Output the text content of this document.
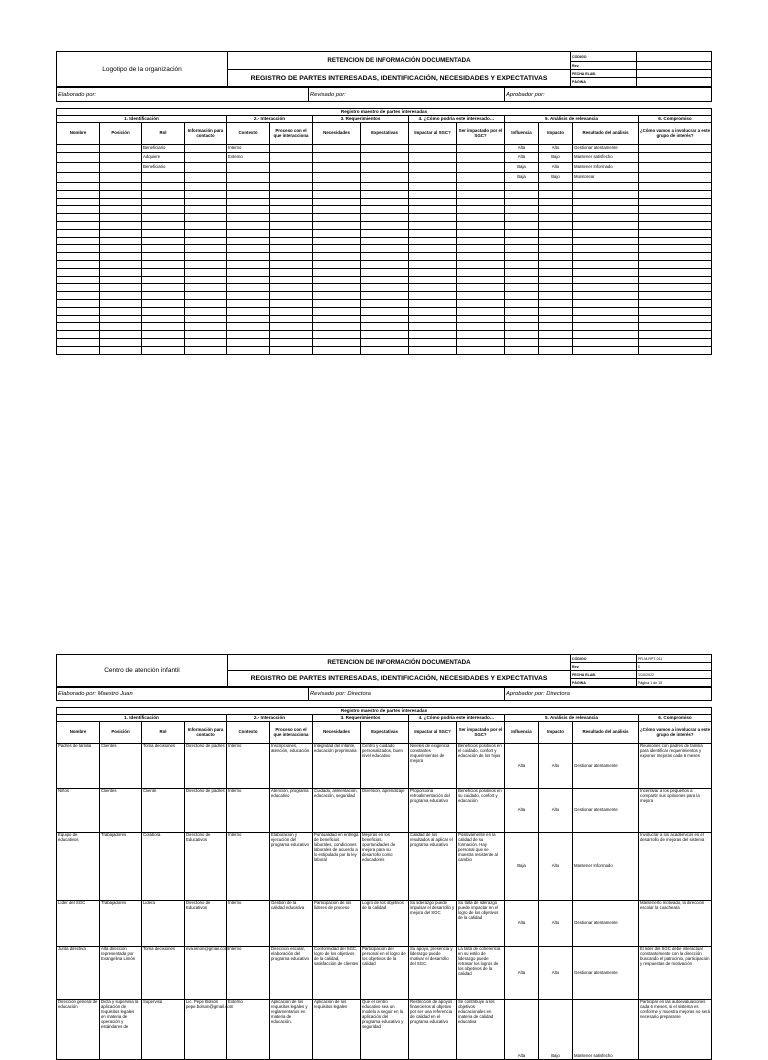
Logotipo de la organización	RETENCION DE INFORMACIÓN DOCUMENTADA	CÓDIGO	
		Rev.	
	REGISTRO DE PARTES INTERESADAS, IDENTIFICACIÓN, NECESIDADES Y EXPECTATIVAS	FECHA ELAB.	
		PÁGINA	
Elaborado por:	Revisado por:	Aprobador por:
Registro maestro de partes interesadas													
1. Identificación				2.- Interacción		3. Requerimientos		4. ¿Cómo podría este interesado…		5. Análisis de relevancia			6. Compromiso
Nombre	Posición	Rol	Información para contacto	Contexto	Proceso con el que interacciona	Necesidades	Expectativas	Impactar al SGC?	Ser impactado por el SGC?	Influencia	Impacto	Resultado del análisis	¿Cómo vamos a involucrar a este grupo de interés?
		Beneficiario		Interno						Alta	Alto	Gestionar atentamente	
		Adquiere		Externo						Alta	Bajo	Mantener satisfecho	
		Beneficiario								Baja	Alto	Mantener Informado	
										Baja	Bajo	Monitorear	

Centro de atención infantil	RETENCION DE INFORMACIÓN DOCUMENTADA	CÓDIGO	PR-M-RPT-011
		Rev.	0
	REGISTRO DE PARTES INTERESADAS, IDENTIFICACIÓN, NECESIDADES Y EXPECTATIVAS	FECHA ELAB.	1/10/2022
		PÁGINA	Página 1 de 15
Elaborado por: Maestro Juan	Revisado por: Directora	Aprobador por: Directora
Registro maestro de partes interesadas													
1. Identificación				2.- Interacción		3. Requerimientos		4. ¿Cómo podría este interesado…		5. Análisis de relevancia			6. Compromiso
Nombre	Posición	Rol	Información para contacto	Contexto	Proceso con el que interacciona	Necesidades	Expectativas	Impactar al SGC?	Ser impactado por el SGC?	Influencia	Impacto	Resultado del análisis	¿Cómo vamos a involucrar a este grupo de interés?
Padres de familia	Clientes	Toma decisiones	Directorio de padres	Interno	Inscripciones, atención, educación.	Integridad del infante, educación preprimaria	Centro y cuidado personalizados, buen nivel educativo	Niveles de exigencia constantes requerimientos de mejora	Beneficios positivos en el cuidado, confort y educación de los hijos	Alta	Alto	Gestionar atentamente	Reuniones con padres de familia para identificar requerimientos y exponer mejoras cada 6 meses
Niños	Clientes	Cliente	Directorio de padres	Interno	Atención, programa educativo	Cuidado, alimentación, educación, seguridad	Diversión, aprendizaje	Proporciona retroalimentación del programa educativo	Beneficios positivos en su cuidado, confort y educación	Alta	Alto	Gestionar atentamente	Incentivar a los pequeños a compartir sus opiniones para la mejora
Equipo de educativos	Trabajadores	Colabora	Directorio de Educativos	Interno	Elaboración y ejecución del programa educativo	Puntualidad en entrega de beneficios laborales, condiciones laborales de acuerdo a lo estipulado por la ley laboral	Mejoras en los beneficios, oportunidades de mejora para su desarrollo como educadores	Calidad de los resultados al aplicar el programa educativo	Positivamente en la calidad de su formación. Hay personal que se muestra resistente al cambio	Baja	Alto	Mantener Informado	Involucrar a los académicos en el desarrollo de mejoras del sistema
Líder del SGC	Trabajadores	Lidera	Directorio de Educativos	Interno	Gestión de la calidad educativa	Participación de los líderes de proceso	Logro de los objetivos de la calidad	Su liderazgo puede impulsar el desarrollo y mejora del SGC	Su falta de liderazgo puede impactar en el logro de los objetivos de la calidad	Alta	Alto	Gestionar atentamente	Mantenerlo motivado, la dirección escolar la coachearа
Junta directiva	Alta dirección representada por Evangelina Limón	Toma decisiones	eva.limon@gmail.com	Interno	Dirección escolar, elaboración del programa educativo	Conformidad del SGC, logro de los objetivos de la calidad, satisfacción de clientes	Participación del personal en el logro de los objetivos de la calidad	Su apoyo, presencia y liderazgo puede motivar el desarrollo del SGC.	La falta de coherencia en su estilo de liderazgo puede retrasar los logros de los objetivos de la calidad	Alta	Alto	Gestionar atentamente	El líder del SGC debe interactuar constantemente con la dirección buscando el patrocinio, participación y respuestas de motivación
Dirección general de educación	Dicta y supervisa la aplicación de requisitos legales en materia de operación y estándares de	Supervisa	Lic. Pepe Bolsón pepe.bolson@gmail.com	Externo	Aplicación de los requisitos legales y reglamentarios en materia de educación.	Aplicación de los requisitos legales	Que el centro educativo sea un modelo a seguir en la aplicación del programa educativo y seguridad	Restricción de apoyos financieros al objetivo por ser una referencia de calidad en el programa educativo	Se contribuye a los objetivos educacionales en materia de calidad educativa	Alta	Bajo	Mantener satisfecho	Participar en las autoevaluaciones cada 6 meses, si el sistema es conforme y muestra mejoras no será necesario prepararse
